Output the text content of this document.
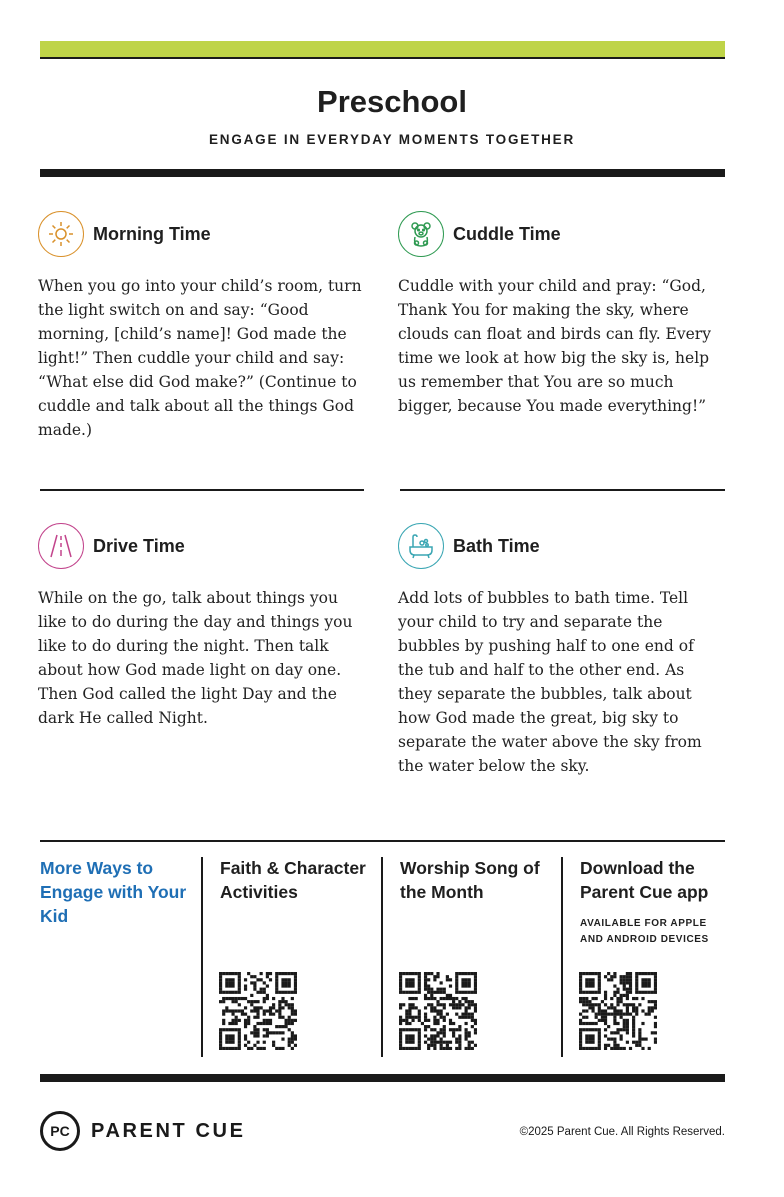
Preschool
ENGAGE IN EVERYDAY MOMENTS TOGETHER
Morning Time
When you go into your child’s room, turn the light switch on and say: “Good morning, [child’s name]! God made the light!” Then cuddle your child and say: “What else did God make?” (Continue to cuddle and talk about all the things God made.)
Cuddle Time
Cuddle with your child and pray: “God, Thank You for making the sky, where clouds can float and birds can fly. Every time we look at how big the sky is, help us remember that You are so much bigger, because You made everything!”
Drive Time
While on the go, talk about things you like to do during the day and things you like to do during the night. Then talk about how God made light on day one. Then God called the light Day and the dark He called Night.
Bath Time
Add lots of bubbles to bath time. Tell your child to try and separate the bubbles by pushing half to one end of the tub and half to the other end. As they separate the bubbles, talk about how God made the great, big sky to separate the water above the sky from the water below the sky.
More Ways to Engage with Your Kid
Faith & Character Activities
Worship Song of the Month
Download the Parent Cue app
AVAILABLE FOR APPLE AND ANDROID DEVICES
PC	PARENT CUE	©2025 Parent Cue. All Rights Reserved.
